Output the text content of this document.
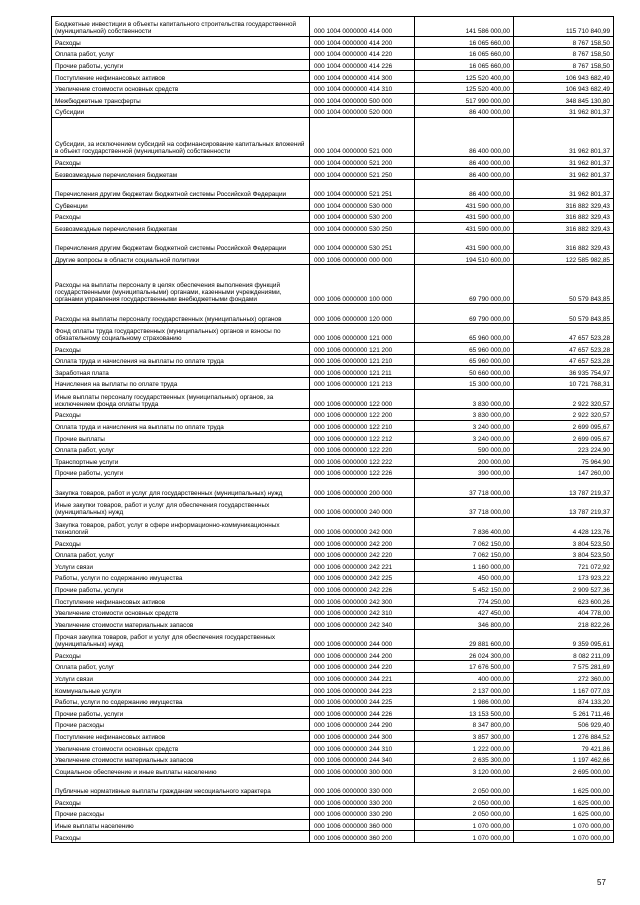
Бюджетные инвестиции в объекты капитального строительства государственной (муниципальной) собственности	000 1004 0000000 414 000	141 586 000,00	115 710 840,99
Расходы	000 1004 0000000 414 200	16 065 660,00	8 767 158,50
Оплата работ, услуг	000 1004 0000000 414 220	16 065 660,00	8 767 158,50
Прочие работы, услуги	000 1004 0000000 414 226	16 065 660,00	8 767 158,50
Поступление нефинансовых активов	000 1004 0000000 414 300	125 520 400,00	106 943 682,49
Увеличение стоимости основных средств	000 1004 0000000 414 310	125 520 400,00	106 943 682,49
Межбюджетные трансферты	000 1004 0000000 500 000	517 990 000,00	348 845 130,80
Субсидии	000 1004 0000000 520 000	86 400 000,00	31 962 801,37
Субсидии, за исключением субсидий на софинансирование капитальных вложений в объект государственной (муниципальной) собственности	000 1004 0000000 521 000	86 400 000,00	31 962 801,37
Расходы	000 1004 0000000 521 200	86 400 000,00	31 962 801,37
Безвозмездные перечисления бюджетам	000 1004 0000000 521 250	86 400 000,00	31 962 801,37
Перечисления другим бюджетам бюджетной системы Российской Федерации	000 1004 0000000 521 251	86 400 000,00	31 962 801,37
Субвенции	000 1004 0000000 530 000	431 590 000,00	316 882 329,43
Расходы	000 1004 0000000 530 200	431 590 000,00	316 882 329,43
Безвозмездные перечисления бюджетам	000 1004 0000000 530 250	431 590 000,00	316 882 329,43
Перечисления другим бюджетам бюджетной системы Российской Федерации	000 1004 0000000 530 251	431 590 000,00	316 882 329,43
Другие вопросы в области социальной политики	000 1006 0000000 000 000	194 510 600,00	122 585 982,85
Расходы на выплаты персоналу в целях обеспечения выполнения функций государственными (муниципальными) органами, казенными учреждениями, органами управления государственными внебюджетными фондами	000 1006 0000000 100 000	69 790 000,00	50 579 843,85
Расходы на выплаты персоналу государственных (муниципальных) органов	000 1006 0000000 120 000	69 790 000,00	50 579 843,85
Фонд оплаты труда государственных (муниципальных) органов и взносы по обязательному социальному страхованию	000 1006 0000000 121 000	65 960 000,00	47 657 523,28
Расходы	000 1006 0000000 121 200	65 960 000,00	47 657 523,28
Оплата труда и начисления на выплаты по оплате труда	000 1006 0000000 121 210	65 960 000,00	47 657 523,28
Заработная плата	000 1006 0000000 121 211	50 660 000,00	36 935 754,97
Начисления на выплаты по оплате труда	000 1006 0000000 121 213	15 300 000,00	10 721 768,31
Иные выплаты персоналу государственных (муниципальных) органов, за исключением фонда оплаты труда	000 1006 0000000 122 000	3 830 000,00	2 922 320,57
Расходы	000 1006 0000000 122 200	3 830 000,00	2 922 320,57
Оплата труда и начисления на выплаты по оплате труда	000 1006 0000000 122 210	3 240 000,00	2 699 095,67
Прочие выплаты	000 1006 0000000 122 212	3 240 000,00	2 699 095,67
Оплата работ, услуг	000 1006 0000000 122 220	590 000,00	223 224,90
Транспортные услуги	000 1006 0000000 122 222	200 000,00	75 964,90
Прочие работы, услуги	000 1006 0000000 122 226	390 000,00	147 260,00
Закупка товаров, работ и услуг для государственных (муниципальных) нужд	000 1006 0000000 200 000	37 718 000,00	13 787 219,37
Иные закупки товаров, работ и услуг для обеспечения государственных (муниципальных) нужд	000 1006 0000000 240 000	37 718 000,00	13 787 219,37
Закупка товаров, работ, услуг в сфере информационно-коммуникационных технологий	000 1006 0000000 242 000	7 836 400,00	4 428 123,76
Расходы	000 1006 0000000 242 200	7 062 150,00	3 804 523,50
Оплата работ, услуг	000 1006 0000000 242 220	7 062 150,00	3 804 523,50
Услуги связи	000 1006 0000000 242 221	1 160 000,00	721 072,92
Работы, услуги по содержанию имущества	000 1006 0000000 242 225	450 000,00	173 923,22
Прочие работы, услуги	000 1006 0000000 242 226	5 452 150,00	2 909 527,36
Поступление нефинансовых активов	000 1006 0000000 242 300	774 250,00	623 600,26
Увеличение стоимости основных средств	000 1006 0000000 242 310	427 450,00	404 778,00
Увеличение стоимости материальных запасов	000 1006 0000000 242 340	346 800,00	218 822,26
Прочая закупка товаров, работ и услуг для обеспечения государственных (муниципальных) нужд	000 1006 0000000 244 000	29 881 600,00	9 359 095,61
Расходы	000 1006 0000000 244 200	26 024 300,00	8 082 211,09
Оплата работ, услуг	000 1006 0000000 244 220	17 676 500,00	7 575 281,69
Услуги связи	000 1006 0000000 244 221	400 000,00	272 360,00
Коммунальные услуги	000 1006 0000000 244 223	2 137 000,00	1 167 077,03
Работы, услуги по содержанию имущества	000 1006 0000000 244 225	1 986 000,00	874 133,20
Прочие работы, услуги	000 1006 0000000 244 226	13 153 500,00	5 261 711,46
Прочие расходы	000 1006 0000000 244 290	8 347 800,00	506 929,40
Поступление нефинансовых активов	000 1006 0000000 244 300	3 857 300,00	1 276 884,52
Увеличение стоимости основных средств	000 1006 0000000 244 310	1 222 000,00	79 421,86
Увеличение стоимости материальных запасов	000 1006 0000000 244 340	2 635 300,00	1 197 462,66
Социальное обеспечение и иные выплаты населению	000 1006 0000000 300 000	3 120 000,00	2 695 000,00
Публичные нормативные выплаты гражданам несоциального характера	000 1006 0000000 330 000	2 050 000,00	1 625 000,00
Расходы	000 1006 0000000 330 200	2 050 000,00	1 625 000,00
Прочие расходы	000 1006 0000000 330 290	2 050 000,00	1 625 000,00
Иные выплаты населению	000 1006 0000000 360 000	1 070 000,00	1 070 000,00
Расходы	000 1006 0000000 360 200	1 070 000,00	1 070 000,00
57
